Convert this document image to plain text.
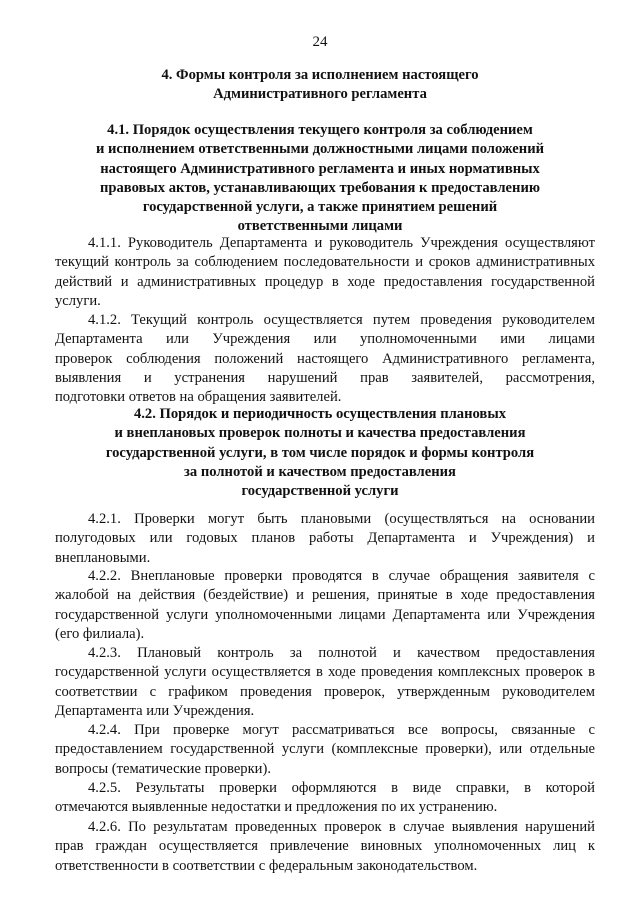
24
4. Формы контроля за исполнением настоящего
Административного регламента
4.1. Порядок осуществления текущего контроля за соблюдением
и исполнением ответственными должностными лицами положений
настоящего Административного регламента и иных нормативных
правовых актов, устанавливающих требования к предоставлению
государственной услуги, а также принятием решений
ответственными лицами
4.1.1. Руководитель Департамента и руководитель Учреждения осуществляют
текущий контроль за соблюдением последовательности и сроков административных
действий и административных процедур в ходе предоставления государственной
услуги.
4.1.2. Текущий контроль осуществляется путем проведения руководителем
Департамента или Учреждения или уполномоченными ими лицами
проверок соблюдения положений настоящего Административного регламента,
выявления и устранения нарушений прав заявителей, рассмотрения,
подготовки ответов на обращения заявителей.
4.2. Порядок и периодичность осуществления плановых
и внеплановых проверок полноты и качества предоставления
государственной услуги, в том числе порядок и формы контроля
за полнотой и качеством предоставления
государственной услуги
4.2.1. Проверки могут быть плановыми (осуществляться на основании
полугодовых или годовых планов работы Департамента и Учреждения) и
внеплановыми.
4.2.2. Внеплановые проверки проводятся в случае обращения заявителя с
жалобой на действия (бездействие) и решения, принятые в ходе предоставления
государственной услуги уполномоченными лицами Департамента или Учреждения
(его филиала).
4.2.3. Плановый контроль за полнотой и качеством предоставления
государственной услуги осуществляется в ходе проведения комплексных проверок в
соответствии с графиком проведения проверок, утвержденным руководителем
Департамента или Учреждения.
4.2.4. При проверке могут рассматриваться все вопросы, связанные с
предоставлением государственной услуги (комплексные проверки), или отдельные
вопросы (тематические проверки).
4.2.5. Результаты проверки оформляются в виде справки, в которой
отмечаются выявленные недостатки и предложения по их устранению.
4.2.6. По результатам проведенных проверок в случае выявления нарушений
прав граждан осуществляется привлечение виновных уполномоченных лиц к
ответственности в соответствии с федеральным законодательством.
